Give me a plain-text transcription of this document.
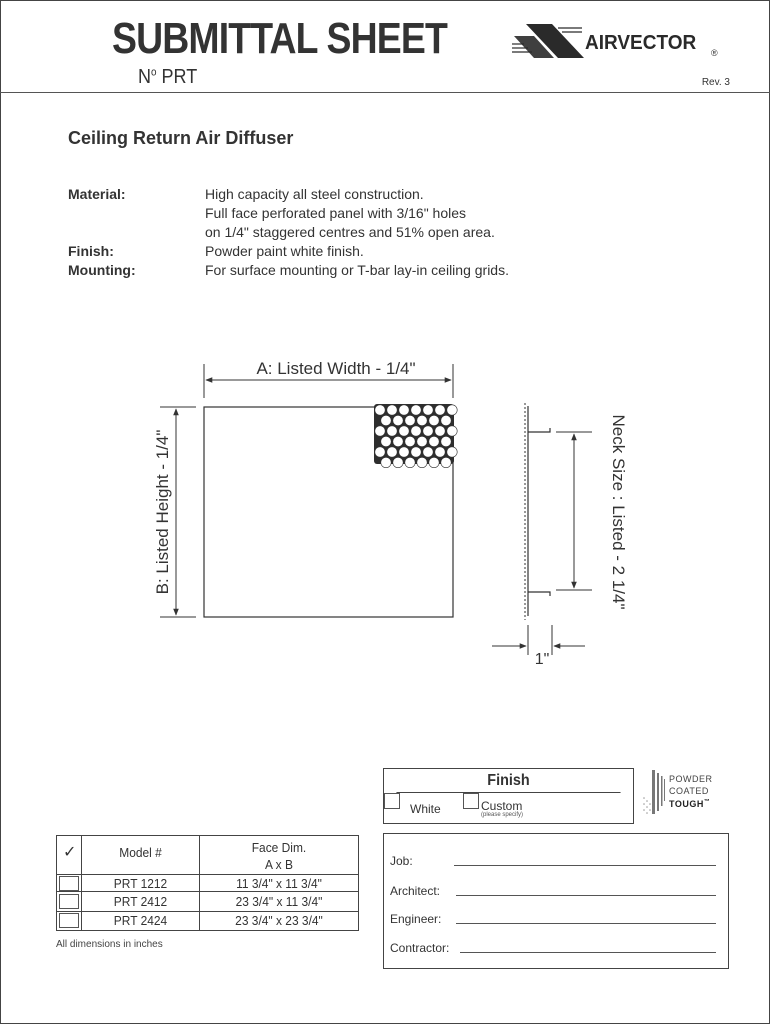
SUBMITTAL SHEET
$N^o$ PRT	Rev. 3
AIRVECTOR ®
Ceiling Return Air Diffuser
Material:	High capacity all steel construction.
Full face perforated panel with 3/16" holes
on 1/4" staggered centres and 51% open area.
Finish:	Powder paint white finish.
Mounting:	For surface mounting or T-bar lay-in ceiling grids.
A: Listed Width - 1/4"
B: Listed Height - 1/4"	Neck Size : Listed - 2 1/4"
1"
Finish
White	Custom
(please specify)
POWDER
COATED
TOUGH™
✓	Model #	Face Dim.
A x B
PRT 1212	11 3/4" x 11 3/4"
PRT 2412	23 3/4" x 11 3/4"
PRT 2424	23 3/4" x 23 3/4"
All dimensions in inches
Job:
Architect:
Engineer:
Contractor:
